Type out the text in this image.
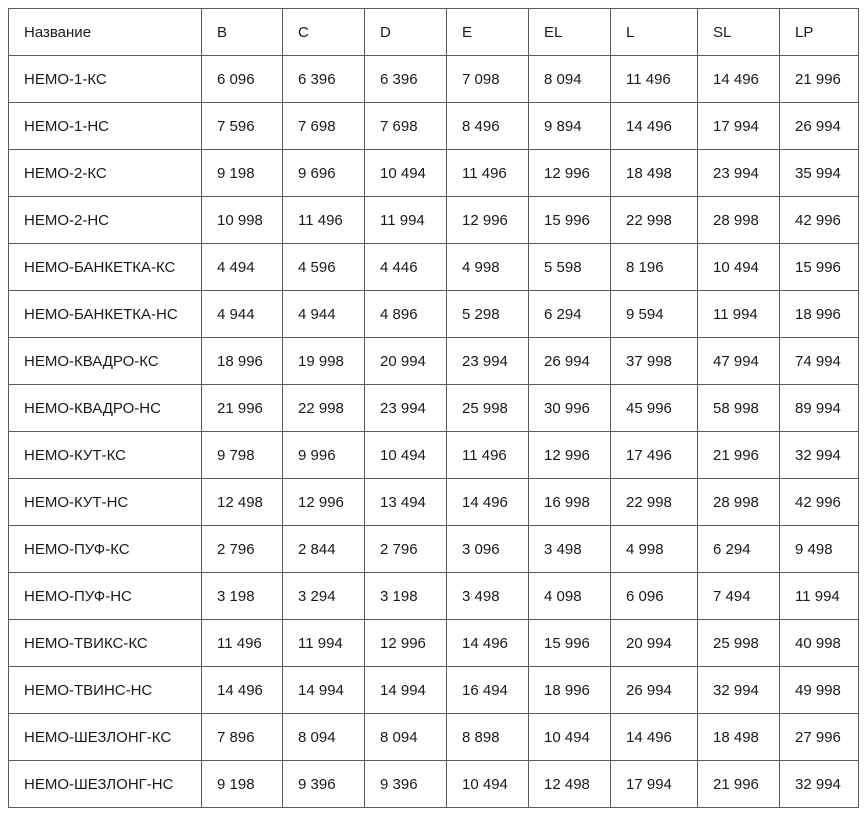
Название	B	C	D	E	EL	L	SL	LP
НЕМО-1-КС	6 096	6 396	6 396	7 098	8 094	11 496	14 496	21 996
НЕМО-1-НС	7 596	7 698	7 698	8 496	9 894	14 496	17 994	26 994
НЕМО-2-КС	9 198	9 696	10 494	11 496	12 996	18 498	23 994	35 994
НЕМО-2-НС	10 998	11 496	11 994	12 996	15 996	22 998	28 998	42 996
НЕМО-БАНКЕТКА-КС	4 494	4 596	4 446	4 998	5 598	8 196	10 494	15 996
НЕМО-БАНКЕТКА-НС	4 944	4 944	4 896	5 298	6 294	9 594	11 994	18 996
НЕМО-КВАДРО-КС	18 996	19 998	20 994	23 994	26 994	37 998	47 994	74 994
НЕМО-КВАДРО-НС	21 996	22 998	23 994	25 998	30 996	45 996	58 998	89 994
НЕМО-КУТ-КС	9 798	9 996	10 494	11 496	12 996	17 496	21 996	32 994
НЕМО-КУТ-НС	12 498	12 996	13 494	14 496	16 998	22 998	28 998	42 996
НЕМО-ПУФ-КС	2 796	2 844	2 796	3 096	3 498	4 998	6 294	9 498
НЕМО-ПУФ-НС	3 198	3 294	3 198	3 498	4 098	6 096	7 494	11 994
НЕМО-ТВИКС-КС	11 496	11 994	12 996	14 496	15 996	20 994	25 998	40 998
НЕМО-ТВИНС-НС	14 496	14 994	14 994	16 494	18 996	26 994	32 994	49 998
НЕМО-ШЕЗЛОНГ-КС	7 896	8 094	8 094	8 898	10 494	14 496	18 498	27 996
НЕМО-ШЕЗЛОНГ-НС	9 198	9 396	9 396	10 494	12 498	17 994	21 996	32 994
